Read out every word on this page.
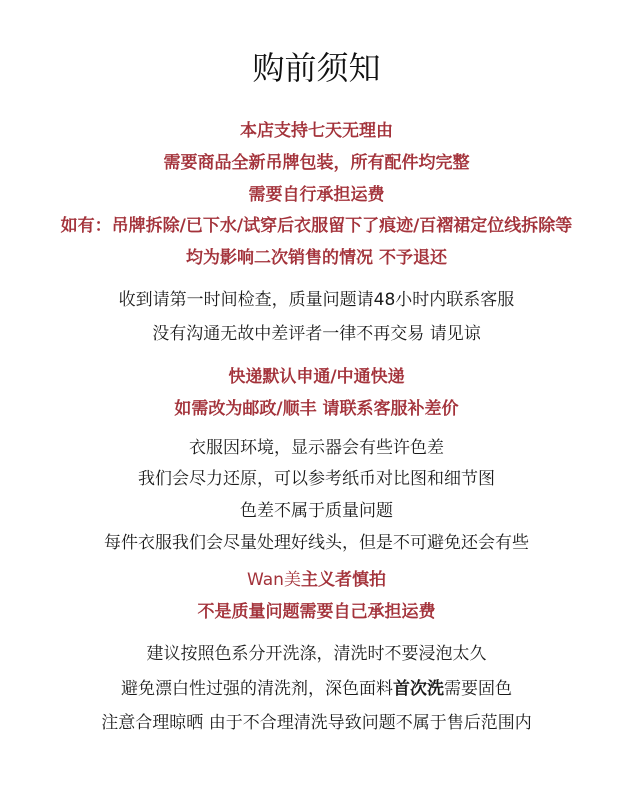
购前须知
本店支持七天无理由
需要商品全新吊牌包装，所有配件均完整
需要自行承担运费
如有：吊牌拆除/已下水/试穿后衣服留下了痕迹/百褶裙定位线拆除等
均为影响二次销售的情况 不予退还
收到请第一时间检查，质量问题请48小时内联系客服
没有沟通无故中差评者一律不再交易 请见谅
快递默认申通/中通快递
如需改为邮政/顺丰 请联系客服补差价
衣服因环境，显示器会有些许色差
我们会尽力还原，可以参考纸币对比图和细节图
色差不属于质量问题
每件衣服我们会尽量处理好线头，但是不可避免还会有些
Wan美主义者慎拍
不是质量问题需要自己承担运费
建议按照色系分开洗涤，清洗时不要浸泡太久
避免漂白性过强的清洗剂，深色面料首次洗需要固色
注意合理晾晒 由于不合理清洗导致问题不属于售后范围内
